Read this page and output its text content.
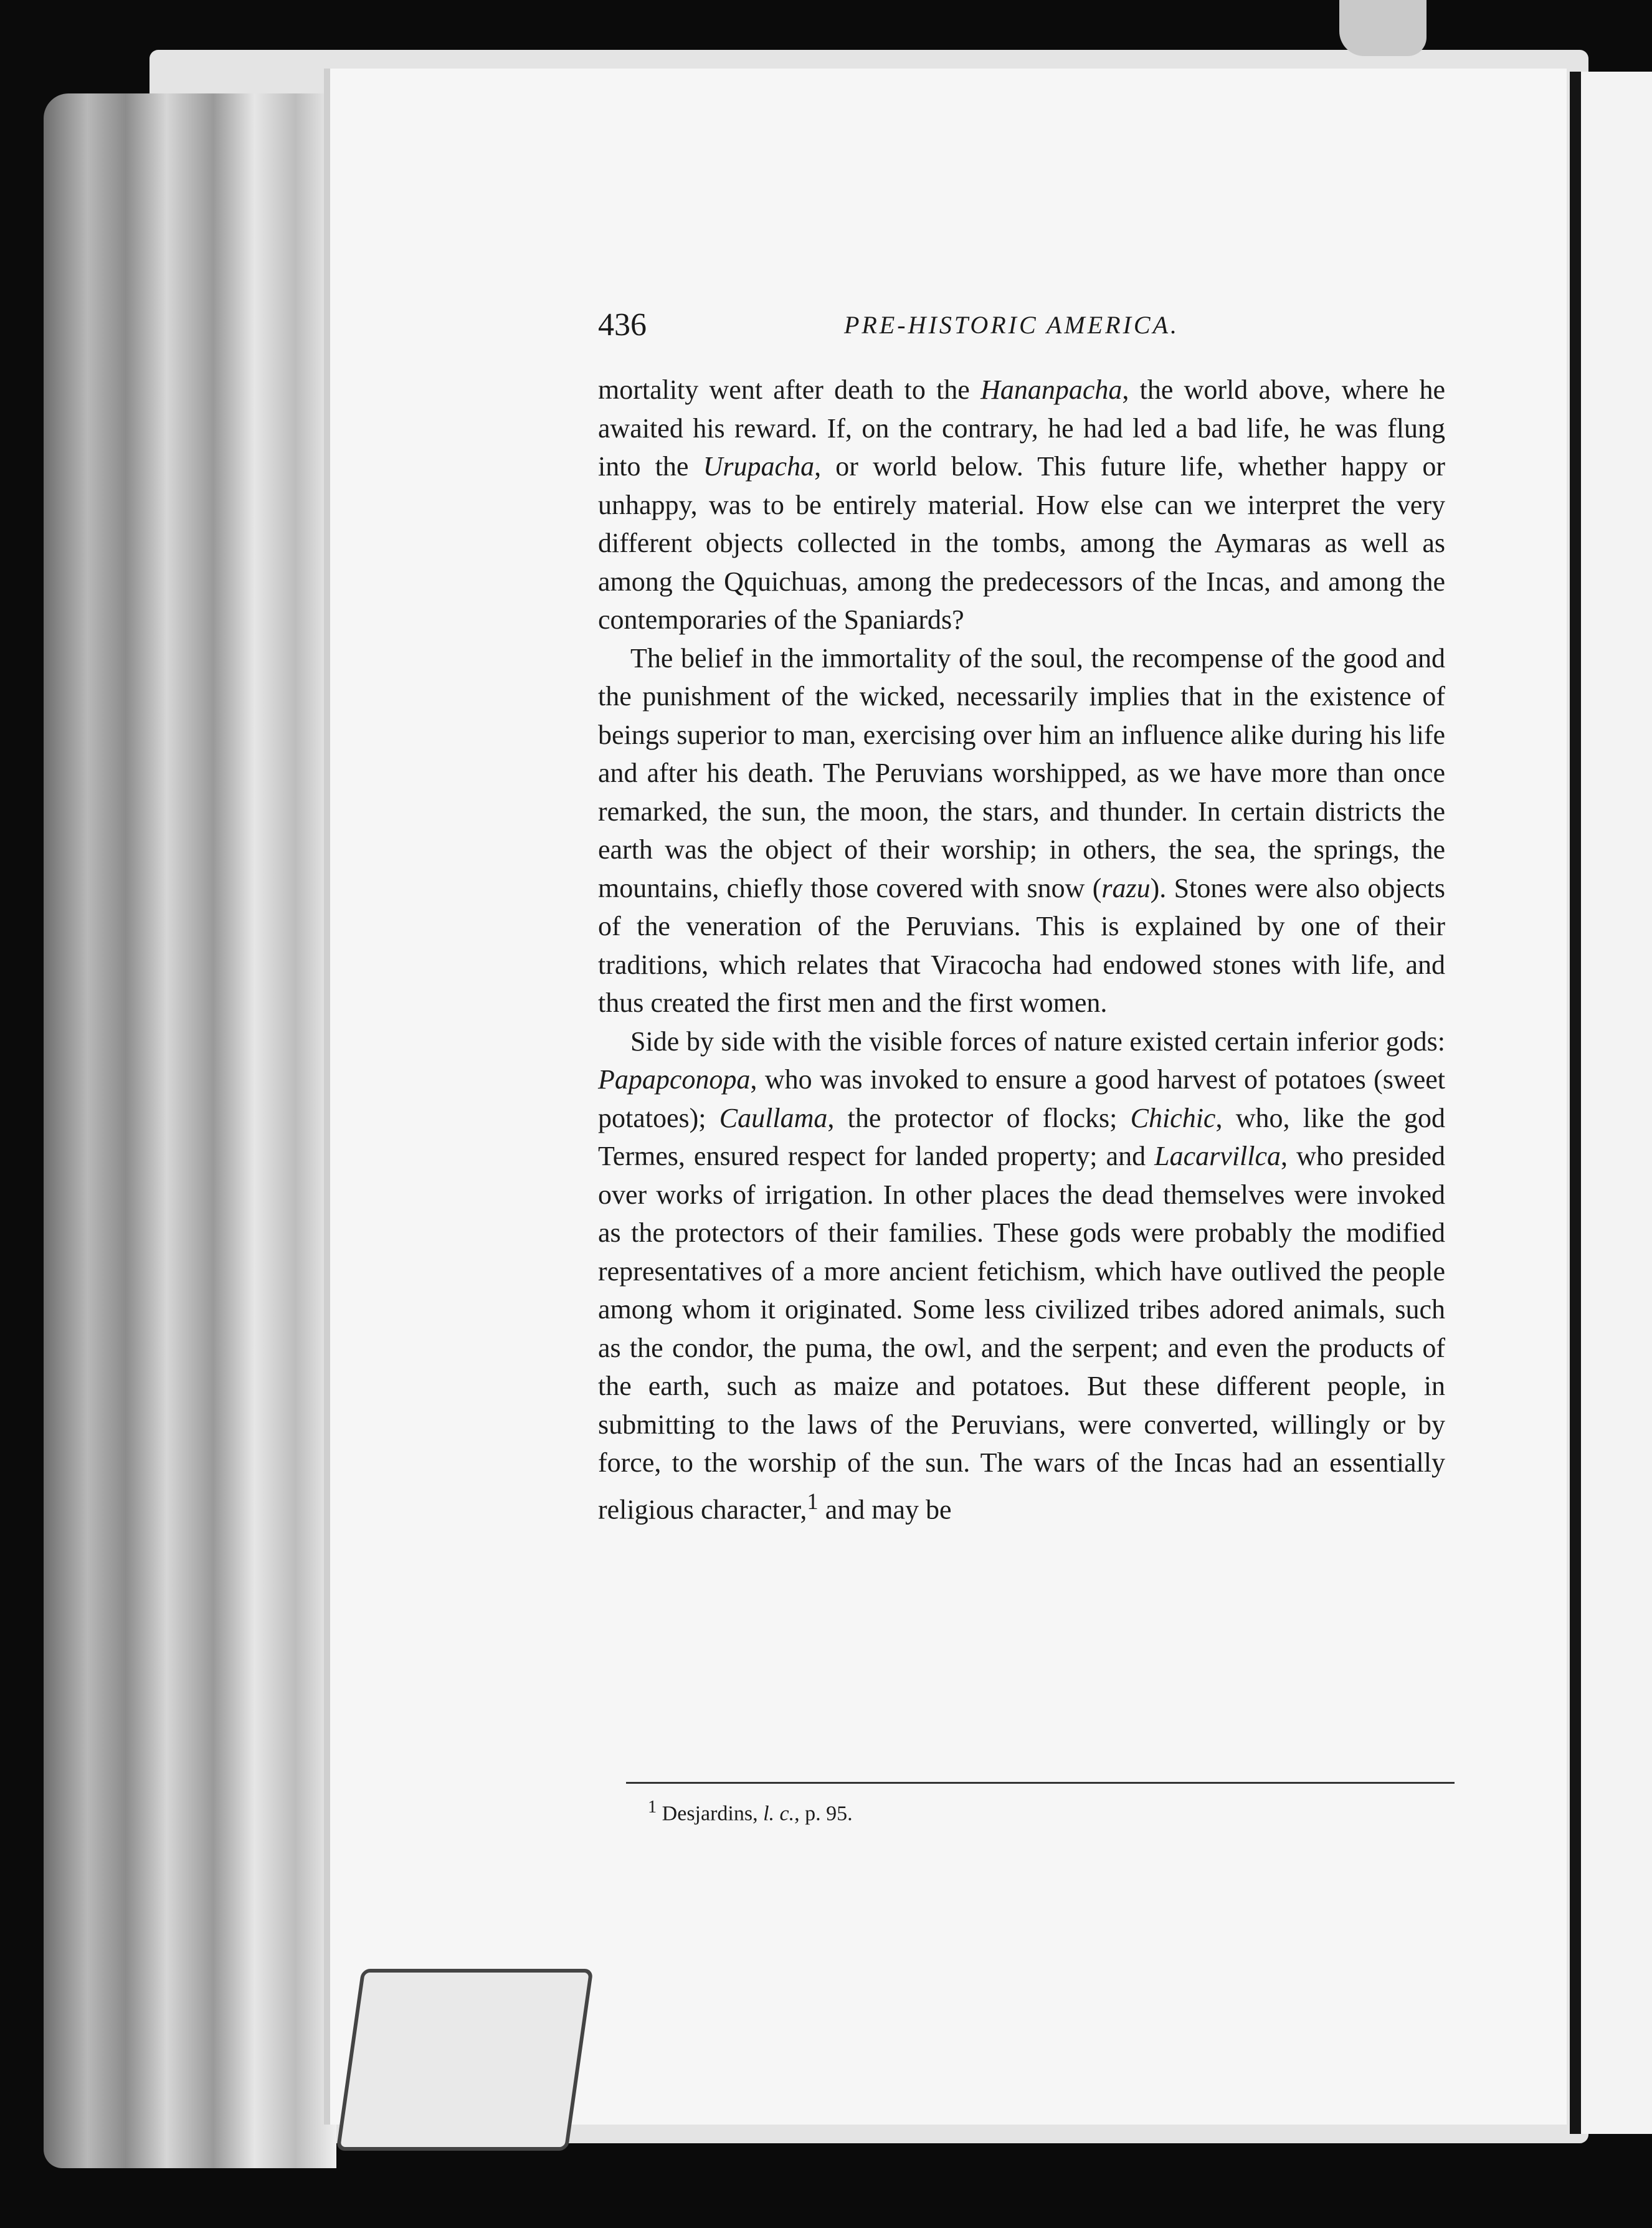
436	PRE-HISTORIC AMERICA.

mortality went after death to the Hananpacha, the world above, where he awaited his reward. If, on the contrary, he had led a bad life, he was flung into the Urupacha, or world below. This future life, whether happy or unhappy, was to be entirely material. How else can we interpret the very different objects collected in the tombs, among the Aymaras as well as among the Qquichuas, among the predecessors of the Incas, and among the contemporaries of the Spaniards?

The belief in the immortality of the soul, the recompense of the good and the punishment of the wicked, necessarily implies that in the existence of beings superior to man, exercising over him an influence alike during his life and after his death. The Peruvians worshipped, as we have more than once remarked, the sun, the moon, the stars, and thunder. In certain districts the earth was the object of their worship; in others, the sea, the springs, the mountains, chiefly those covered with snow (razu). Stones were also objects of the veneration of the Peruvians. This is explained by one of their traditions, which relates that Viracocha had endowed stones with life, and thus created the first men and the first women.

Side by side with the visible forces of nature existed certain inferior gods: Papapconopa, who was invoked to ensure a good harvest of potatoes (sweet potatoes); Caullama, the protector of flocks; Chichic, who, like the god Termes, ensured respect for landed property; and Lacarvillca, who presided over works of irrigation. In other places the dead themselves were invoked as the protectors of their families. These gods were probably the modified representatives of a more ancient fetichism, which have outlived the people among whom it originated. Some less civilized tribes adored animals, such as the condor, the puma, the owl, and the serpent; and even the products of the earth, such as maize and potatoes. But these different people, in submitting to the laws of the Peruvians, were converted, willingly or by force, to the worship of the sun. The wars of the Incas had an essentially religious character,$^1$ and may be

$^1$ Desjardins, l. c., p. 95.
